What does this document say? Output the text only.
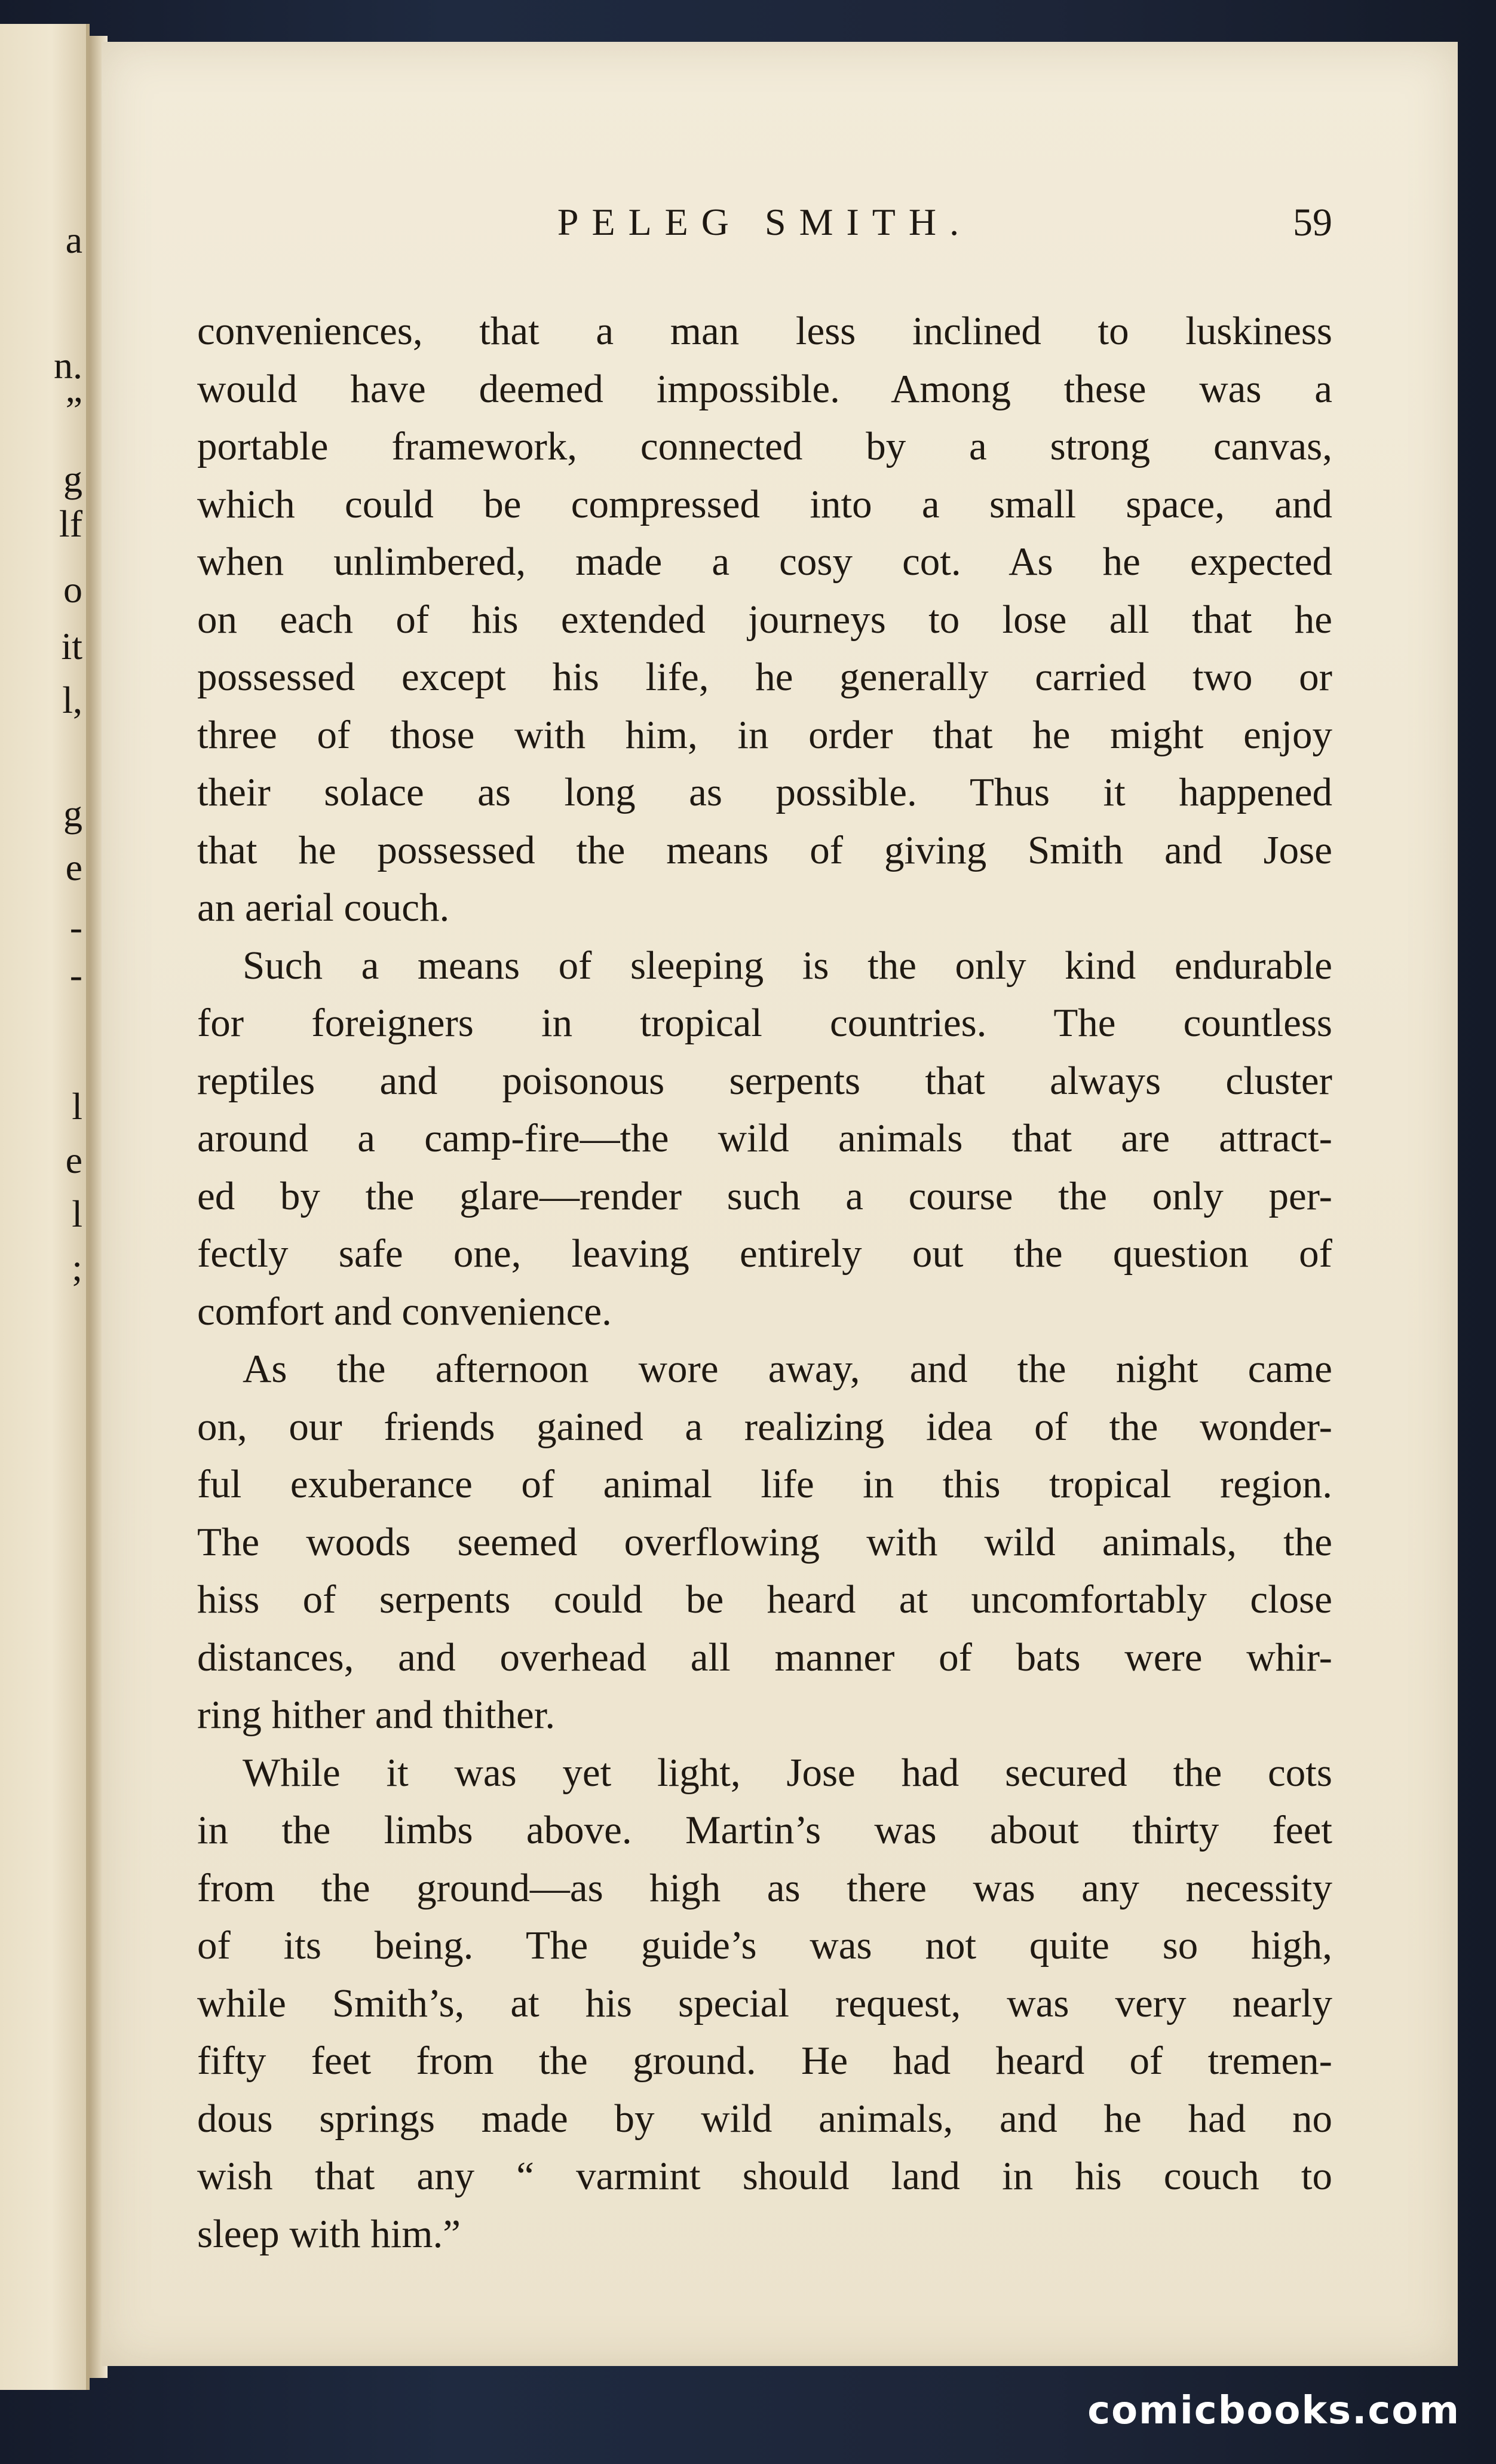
a
n.
”
g
lf
o
it
l,
g
e
-
-
l
e
l
;
PELEG SMITH.	59
conveniences, that a man less inclined to luskiness
would have deemed impossible. Among these was a
portable framework, connected by a strong canvas,
which could be compressed into a small space, and
when unlimbered, made a cosy cot. As he expected
on each of his extended journeys to lose all that he
possessed except his life, he generally carried two or
three of those with him, in order that he might enjoy
their solace as long as possible. Thus it happened
that he possessed the means of giving Smith and Jose
an aerial couch.
Such a means of sleeping is the only kind endurable
for foreigners in tropical countries. The countless
reptiles and poisonous serpents that always cluster
around a camp-fire—the wild animals that are attract-
ed by the glare—render such a course the only per-
fectly safe one, leaving entirely out the question of
comfort and convenience.
As the afternoon wore away, and the night came
on, our friends gained a realizing idea of the wonder-
ful exuberance of animal life in this tropical region.
The woods seemed overflowing with wild animals, the
hiss of serpents could be heard at uncomfortably close
distances, and overhead all manner of bats were whir-
ring hither and thither.
While it was yet light, Jose had secured the cots
in the limbs above. Martin’s was about thirty feet
from the ground—as high as there was any necessity
of its being. The guide’s was not quite so high,
while Smith’s, at his special request, was very nearly
fifty feet from the ground. He had heard of tremen-
dous springs made by wild animals, and he had no
wish that any “ varmint should land in his couch to
sleep with him.”
comicbooks.com
